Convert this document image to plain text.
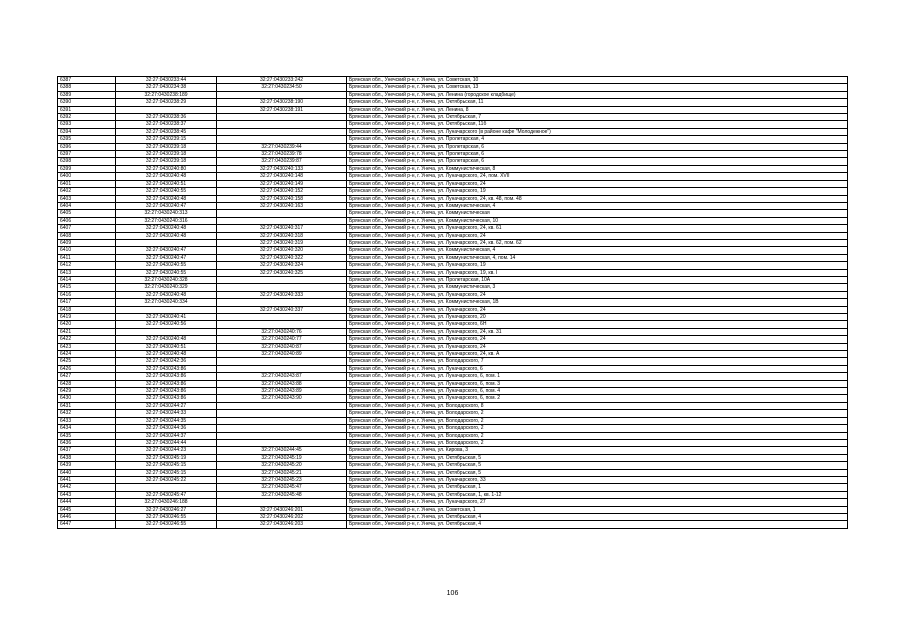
6387	32:27:0430233:44	32:27:0430233:242	Брянская обл., Унечский р-н, г. Унеча, ул. Советская, 10
6388	32:27:0430234:38	32:27:0430234:50	Брянская обл., Унечский р-н, г. Унеча, ул. Советская, 13
6389	32:27:0430238:189		Брянская обл., Унечский р-н, г. Унеча, ул. Ленина (городское кладбище)
6390	32:27:0430238:29	32:27:0430238:190	Брянская обл., Унечский р-н, г. Унеча, ул. Октябрьская, 11
6391		32:27:0430238:191	Брянская обл., Унечский р-н, г. Унеча, ул. Ленина, 8
6392	32:27:0430238:36		Брянская обл., Унечский р-н, г. Унеча, ул. Октябрьская, 7
6393	32:27:0430238:37		Брянская обл., Унечский р-н, г. Унеча, ул. Октябрьская, 11б
6394	32:27:0430238:45		Брянская обл., Унечский р-н, г. Унеча, ул. Луначарского (в районе кафе "Молодежное")
6395	32:27:0430239:15		Брянская обл., Унечский р-н, г. Унеча, ул. Пролетарская, 4
6396	32:27:0430239:18	32:27:0430239:44	Брянская обл., Унечский р-н, г. Унеча, ул. Пролетарская, 6
6397	32:27:0430239:18	32:27:0430239:78	Брянская обл., Унечский р-н, г. Унеча, ул. Пролетарская, 6
6398	32:27:0430239:18	32:27:0430239:87	Брянская обл., Унечский р-н, г. Унеча, ул. Пролетарская, 6
6399	32:27:0430240:80	32:27:0430240:133	Брянская обл., Унечский р-н, г. Унеча, ул. Коммунистическая, 8
6400	32:27:0430240:48	32:27:0430240:148	Брянская обл., Унечский р-н, г. Унеча, ул. Луначарского, 24, пом. XVII
6401	32:27:0430240:51	32:27:0430240:149	Брянская обл., Унечский р-н, г. Унеча, ул. Луначарского, 24
6402	32:27:0430240:55	32:27:0430240:152	Брянская обл., Унечский р-н, г. Унеча, ул. Луначарского, 19
6403	32:27:0430240:48	32:27:0430240:158	Брянская обл., Унечский р-н, г. Унеча, ул. Луначарского, 24, кв. 48, пом. 48
6404	32:27:0430240:47	32:27:0430240:163	Брянская обл., Унечский р-н, г. Унеча, ул. Коммунистическая, 4
6405	32:27:0430240:313		Брянская обл., Унечский р-н, г. Унеча, ул. Коммунистическая
6406	32:27:0430240:316		Брянская обл., Унечский р-н, г. Унеча, ул. Коммунистическая, 10
6407	32:27:0430240:48	32:27:0430240:317	Брянская обл., Унечский р-н, г. Унеча, ул. Луначарского, 24, кв. 61
6408	32:27:0430240:48	32:27:0430240:318	Брянская обл., Унечский р-н, г. Унеча, ул. Луначарского, 24
6409		32:27:0430240:319	Брянская обл., Унечский р-н, г. Унеча, ул. Луначарского, 24, кв. 62, пом. 62
6410	32:27:0430240:47	32:27:0430240:320	Брянская обл., Унечский р-н, г. Унеча, ул. Коммунистическая, 4
6411	32:27:0430240:47	32:27:0430240:322	Брянская обл., Унечский р-н, г. Унеча, ул. Коммунистическая, 4, пом. 14
6412	32:27:0430240:55	32:27:0430240:324	Брянская обл., Унечский р-н, г. Унеча, ул. Луначарского, 19
6413	32:27:0430240:55	32:27:0430240:325	Брянская обл., Унечский р-н, г. Унеча, ул. Луначарского, 19, кв. I
6414	32:27:0430240:328		Брянская обл., Унечский р-н, г. Унеча, ул. Пролетарская, 10А
6415	32:27:0430240:329		Брянская обл., Унечский р-н, г. Унеча, ул. Коммунистическая, 3
6416	32:27:0430240:48	32:27:0430240:333	Брянская обл., Унечский р-н, г. Унеча, ул. Луначарского, 24
6417	32:27:0430240:334		Брянская обл., Унечский р-н, г. Унеча, ул. Коммунистическая, 1В
6418		32:27:0430240:337	Брянская обл., Унечский р-н, г. Унеча, ул. Луначарского, 24
6419	32:27:0430240:41		Брянская обл., Унечский р-н, г. Унеча, ул. Луначарского, 20
6420	32:27:0430240:56		Брянская обл., Унечский р-н, г. Унеча, ул. Луначарского, 6Н
6421		32:27:0430240:76	Брянская обл., Унечский р-н, г. Унеча, ул. Луначарского, 24, кв. 31
6422	32:27:0430240:48	32:27:0430240:77	Брянская обл., Унечский р-н, г. Унеча, ул. Луначарского, 24
6423	32:27:0430240:51	32:27:0430240:87	Брянская обл., Унечский р-н, г. Унеча, ул. Луначарского, 24
6424	32:27:0430240:48	32:27:0430240:89	Брянская обл., Унечский р-н, г. Унеча, ул. Луначарского, 24, кв. А
6425	32:27:0430242:36		Брянская обл., Унечский р-н, г. Унеча, ул. Володарского, 7
6426	32:27:0430243:86		Брянская обл., Унечский р-н, г. Унеча, ул. Луначарского, 6
6427	32:27:0430243:86	32:27:0430243:87	Брянская обл., Унечский р-н, г. Унеча, ул. Луначарского, 6, пом. 1
6428	32:27:0430243:86	32:27:0430243:88	Брянская обл., Унечский р-н, г. Унеча, ул. Луначарского, 6, пом. 3
6429	32:27:0430243:86	32:27:0430243:89	Брянская обл., Унечский р-н, г. Унеча, ул. Луначарского, 6, пом. 4
6430	32:27:0430243:86	32:27:0430243:90	Брянская обл., Унечский р-н, г. Унеча, ул. Луначарского, 6, пом. 2
6431	32:27:0430244:27		Брянская обл., Унечский р-н, г. Унеча, ул. Володарского, 8
6432	32:27:0430244:33		Брянская обл., Унечский р-н, г. Унеча, ул. Володарского, 2
6433	32:27:0430244:35		Брянская обл., Унечский р-н, г. Унеча, ул. Володарского, 2
6434	32:27:0430244:36		Брянская обл., Унечский р-н, г. Унеча, ул. Володарского, 2
6435	32:27:0430244:37		Брянская обл., Унечский р-н, г. Унеча, ул. Володарского, 2
6436	32:27:0430244:44		Брянская обл., Унечский р-н, г. Унеча, ул. Володарского, 2
6437	32:27:0430244:23	32:27:0430244:45	Брянская обл., Унечский р-н, г. Унеча, ул. Кирова, 3
6438	32:27:0430245:19	32:27:0430245:19	Брянская обл., Унечский р-н, г. Унеча, ул. Октябрьская, 5
6439	32:27:0430245:15	32:27:0430245:20	Брянская обл., Унечский р-н, г. Унеча, ул. Октябрьская, 5
6440	32:27:0430245:15	32:27:0430245:21	Брянская обл., Унечский р-н, г. Унеча, ул. Октябрьская, 5
6441	32:27:0430245:22	32:27:0430245:23	Брянская обл., Унечский р-н, г. Унеча, ул. Луначарского, 33
6442		32:27:0430245:47	Брянская обл., Унечский р-н, г. Унеча, ул. Октябрьская, 1
6443	32:27:0430245:47	32:27:0430245:48	Брянская обл., Унечский р-н, г. Унеча, ул. Октябрьская, 1, кв. 1-12
6444	32:27:0430246:188		Брянская обл., Унечский р-н, г. Унеча, ул. Луначарского, 27
6445	32:27:0430246:27	32:27:0430246:201	Брянская обл., Унечский р-н, г. Унеча, ул. Советская, 1
6446	32:27:0430246:55	32:27:0430246:202	Брянская обл., Унечский р-н, г. Унеча, ул. Октябрьская, 4
6447	32:27:0430246:55	32:27:0430246:203	Брянская обл., Унечский р-н, г. Унеча, ул. Октябрьская, 4
106
